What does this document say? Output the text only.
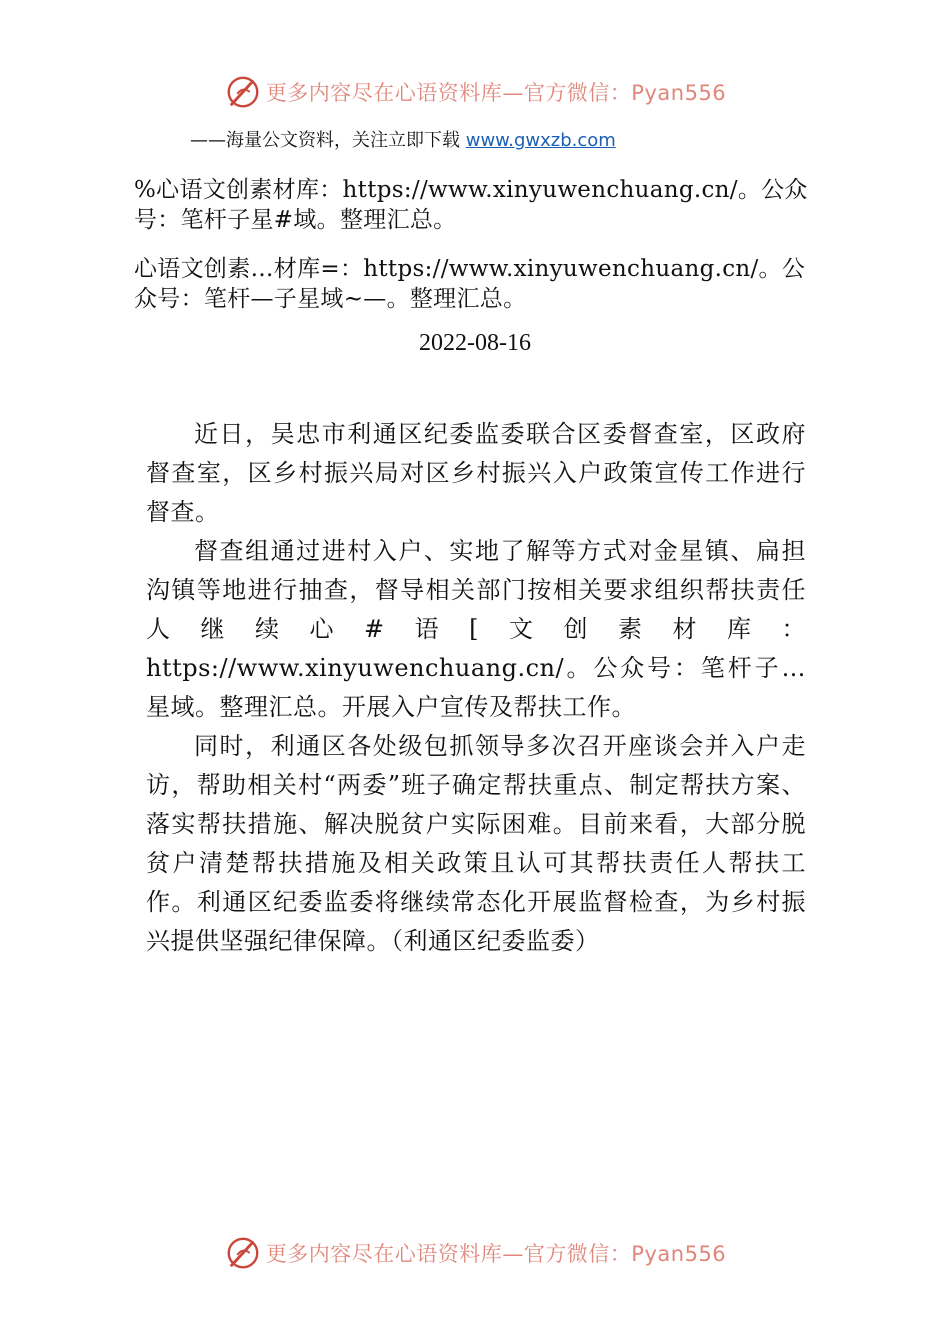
更多内容尽在心语资料库—官方微信：Pyan556
——海量公文资料，关注立即下载 www.gwxzb.com
%心语文创素材库：https://www.xinyuwenchuang.cn/。公众号：笔杆子星#域。整理汇总。
心语文创素…材库=：https://www.xinyuwenchuang.cn/。公众号：笔杆—子星域~—。整理汇总。
2022-08-16

近日，吴忠市利通区纪委监委联合区委督查室，区政府督查室，区乡村振兴局对区乡村振兴入户政策宣传工作进行督查。

督查组通过进村入户、实地了解等方式对金星镇、扁担沟镇等地进行抽查，督导相关部门按相关要求组织帮扶责任人继续心#语[文创素材库：https://www.xinyuwenchuang.cn/。公众号：笔杆子…星域。整理汇总。开展入户宣传及帮扶工作。

同时，利通区各处级包抓领导多次召开座谈会并入户走访，帮助相关村“两委”班子确定帮扶重点、制定帮扶方案、落实帮扶措施、解决脱贫户实际困难。目前来看，大部分脱贫户清楚帮扶措施及相关政策且认可其帮扶责任人帮扶工作。利通区纪委监委将继续常态化开展监督检查，为乡村振兴提供坚强纪律保障。（利通区纪委监委）

更多内容尽在心语资料库—官方微信：Pyan556
